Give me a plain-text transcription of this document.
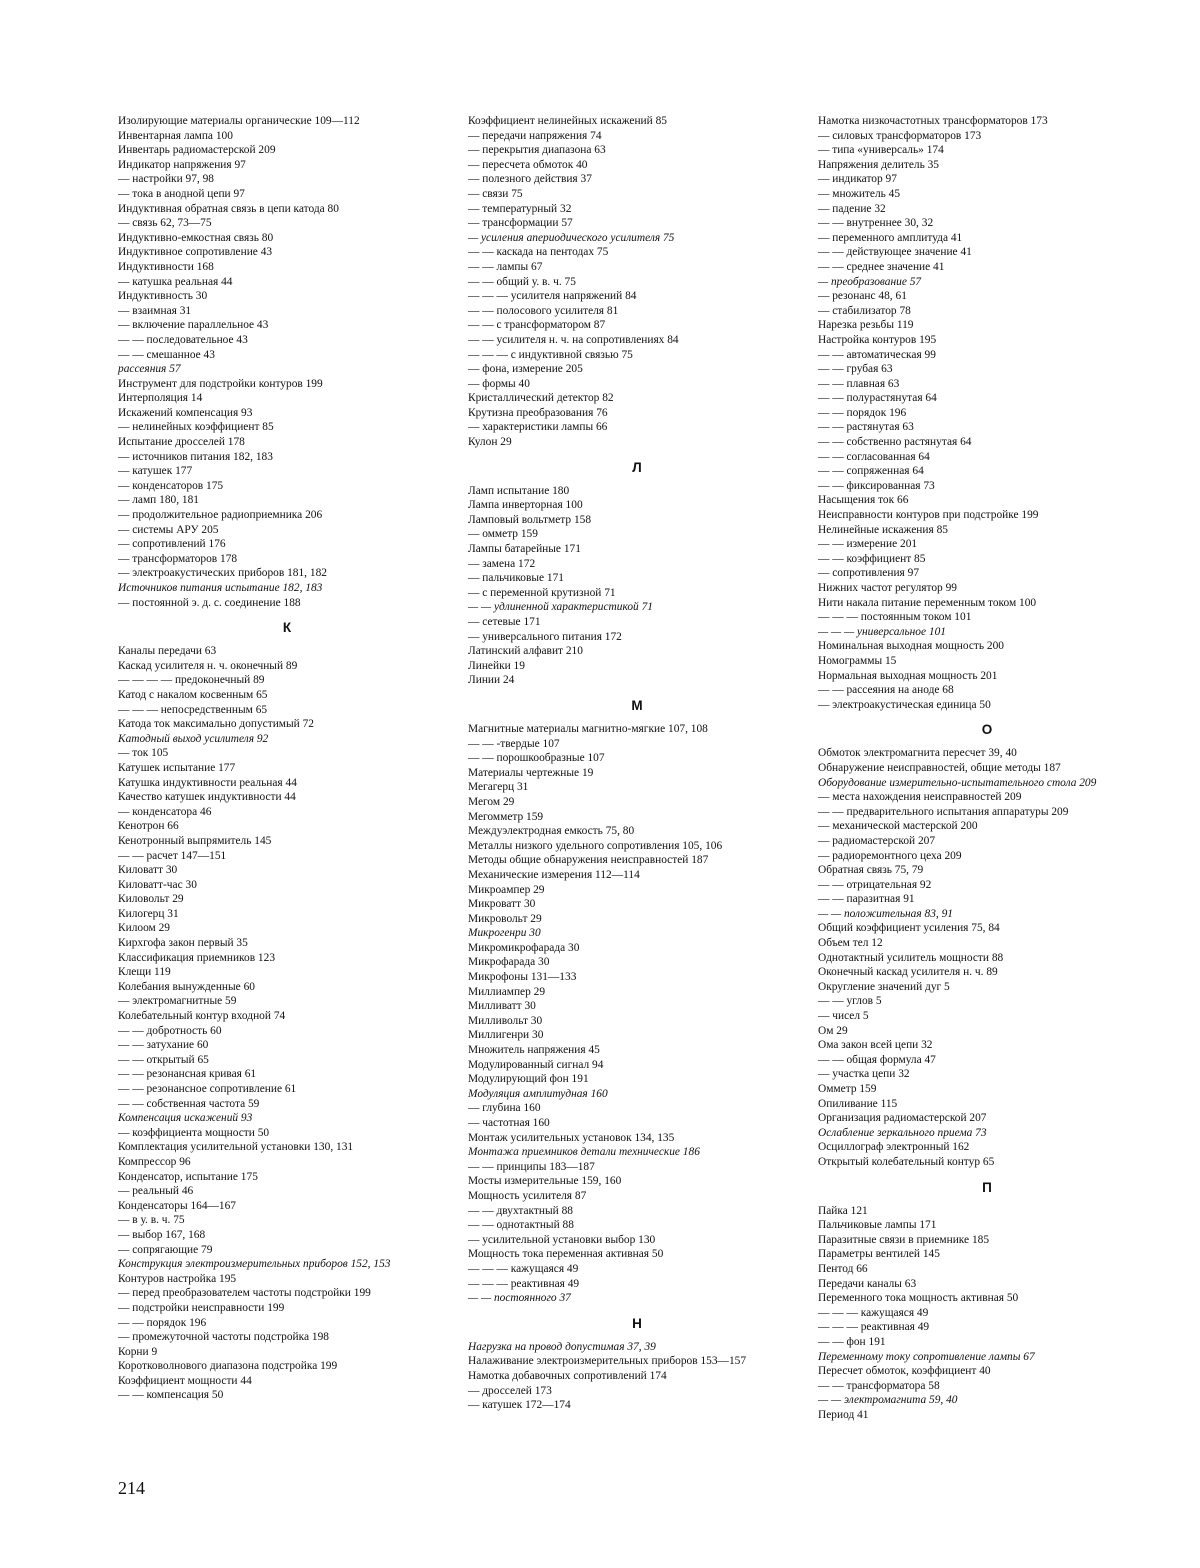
Изолирующие материалы органические 109—112
Инвентарная лампа 100
Инвентарь радиомастерской 209
Индикатор напряжения 97
— настройки 97, 98
— тока в анодной цепи 97
Индуктивная обратная связь в цепи катода 80
— связь 62, 73—75
Индуктивно-емкостная связь 80
Индуктивное сопротивление 43
Индуктивности 168
— катушка реальная 44
Индуктивность 30
— взаимная 31
— включение параллельное 43
— — последовательное 43
— — смешанное 43
рассеяния 57
Инструмент для подстройки контуров 199
Интерполяция 14
Искажений компенсация 93
— нелинейных коэффициент 85
Испытание дросселей 178
— источников питания 182, 183
— катушек 177
— конденсаторов 175
— ламп 180, 181
— продолжительное радиоприемника 206
— системы АРУ 205
— сопротивлений 176
— трансформаторов 178
— электроакустических приборов 181, 182
Источников питания испытание 182, 183
— постоянной э. д. с. соединение 188
К
Каналы передачи 63
Каскад усилителя н. ч. оконечный 89
— — — — предоконечный 89
Катод с накалом косвенным 65
— — — непосредственным 65
Катода ток максимально допустимый 72
Катодный выход усилителя 92
— ток 105
Катушек испытание 177
Катушка индуктивности реальная 44
Качество катушек индуктивности 44
— конденсатора 46
Кенотрон 66
Кенотронный выпрямитель 145
— — расчет 147—151
Киловатт 30
Киловатт-час 30
Киловольт 29
Килогерц 31
Килоом 29
Кирхгофа закон первый 35
Классификация приемников 123
Клещи 119
Колебания вынужденные 60
— электромагнитные 59
Колебательный контур входной 74
— — добротность 60
— — затухание 60
— — открытый 65
— — резонансная кривая 61
— — резонансное сопротивление 61
— — собственная частота 59
Компенсация искажений 93
— коэффициента мощности 50
Комплектация усилительной установки 130, 131
Компрессор 96
Конденсатор, испытание 175
— реальный 46
Конденсаторы 164—167
— в у. в. ч. 75
— выбор 167, 168
— сопрягающие 79
Конструкция электроизмерительных приборов 152, 153
Контуров настройка 195
— перед преобразователем частоты подстройки 199
— подстройки неисправности 199
— — порядок 196
— промежуточной частоты подстройка 198
Корни 9
Коротковолнового диапазона подстройка 199
Коэффициент мощности 44
— — компенсация 50
Коэффициент нелинейных искажений 85
— передачи напряжения 74
— перекрытия диапазона 63
— пересчета обмоток 40
— полезного действия 37
— связи 75
— температурный 32
— трансформации 57
— усиления апериодического усилителя 75
— — каскада на пентодах 75
— — лампы 67
— — общий у. в. ч. 75
— — — усилителя напряжений 84
— — полосового усилителя 81
— — с трансформатором 87
— — усилителя н. ч. на сопротивлениях 84
— — — с индуктивной связью 75
— фона, измерение 205
— формы 40
Кристаллический детектор 82
Крутизна преобразования 76
— характеристики лампы 66
Кулон 29
Л
Ламп испытание 180
Лампа инверторная 100
Ламповый вольтметр 158
— омметр 159
Лампы батарейные 171
— замена 172
— пальчиковые 171
— с переменной крутизной 71
— — удлиненной характеристикой 71
— сетевые 171
— универсального питания 172
Латинский алфавит 210
Линейки 19
Линии 24
М
Магнитные материалы магнитно-мягкие 107, 108
— — -твердые 107
— — порошкообразные 107
Материалы чертежные 19
Мегагерц 31
Мегом 29
Мегомметр 159
Междуэлектродная емкость 75, 80
Металлы низкого удельного сопротивления 105, 106
Методы общие обнаружения неисправностей 187
Механические измерения 112—114
Микроампер 29
Микроватт 30
Микровольт 29
Микрогенри 30
Микромикрофарада 30
Микрофарада 30
Микрофоны 131—133
Миллиампер 29
Милливатт 30
Милливольт 30
Миллигенри 30
Множитель напряжения 45
Модулированный сигнал 94
Модулирующий фон 191
Модуляция амплитудная 160
— глубина 160
— частотная 160
Монтаж усилительных установок 134, 135
Монтажа приемников детали технические 186
— — принципы 183—187
Мосты измерительные 159, 160
Мощность усилителя 87
— — двухтактный 88
— — однотактный 88
— усилительной установки выбор 130
Мощность тока переменная активная 50
— — — кажущаяся 49
— — — реактивная 49
— — постоянного 37
Н
Нагрузка на провод допустимая 37, 39
Налаживание электроизмерительных приборов 153—157
Намотка добавочных сопротивлений 174
— дросселей 173
— катушек 172—174
Намотка низкочастотных трансформаторов 173
— силовых трансформаторов 173
— типа «универсаль» 174
Напряжения делитель 35
— индикатор 97
— множитель 45
— падение 32
— — внутреннее 30, 32
— переменного амплитуда 41
— — действующее значение 41
— — среднее значение 41
— преобразование 57
— резонанс 48, 61
— стабилизатор 78
Нарезка резьбы 119
Настройка контуров 195
— — автоматическая 99
— — грубая 63
— — плавная 63
— — полурастянутая 64
— — порядок 196
— — растянутая 63
— — собственно растянутая 64
— — согласованная 64
— — сопряженная 64
— — фиксированная 73
Насыщения ток 66
Неисправности контуров при подстройке 199
Нелинейные искажения 85
— — измерение 201
— — коэффициент 85
— сопротивления 97
Нижних частот регулятор 99
Нити накала питание переменным током 100
— — — постоянным током 101
— — — универсальное 101
Номинальная выходная мощность 200
Номограммы 15
Нормальная выходная мощность 201
— — рассеяния на аноде 68
— электроакустическая единица 50
О
Обмоток электромагнита пересчет 39, 40
Обнаружение неисправностей, общие методы 187
Оборудование измерительно-испытательного стола 209
— места нахождения неисправностей 209
— — предварительного испытания аппаратуры 209
— механической мастерской 200
— радиомастерской 207
— радиоремонтного цеха 209
Обратная связь 75, 79
— — отрицательная 92
— — паразитная 91
— — положительная 83, 91
Общий коэффициент усиления 75, 84
Объем тел 12
Однотактный усилитель мощности 88
Оконечный каскад усилителя н. ч. 89
Округление значений дуг 5
— — углов 5
— чисел 5
Ом 29
Ома закон всей цепи 32
— — общая формула 47
— участка цепи 32
Омметр 159
Опиливание 115
Организация радиомастерской 207
Ослабление зеркального приема 73
Осциллограф электронный 162
Открытый колебательный контур 65
П
Пайка 121
Пальчиковые лампы 171
Паразитные связи в приемнике 185
Параметры вентилей 145
Пентод 66
Передачи каналы 63
Переменного тока мощность активная 50
— — — кажущаяся 49
— — — реактивная 49
— — фон 191
Переменному току сопротивление лампы 67
Пересчет обмоток, коэффициент 40
— — трансформатора 58
— — электромагнита 59, 40
Период 41
214
